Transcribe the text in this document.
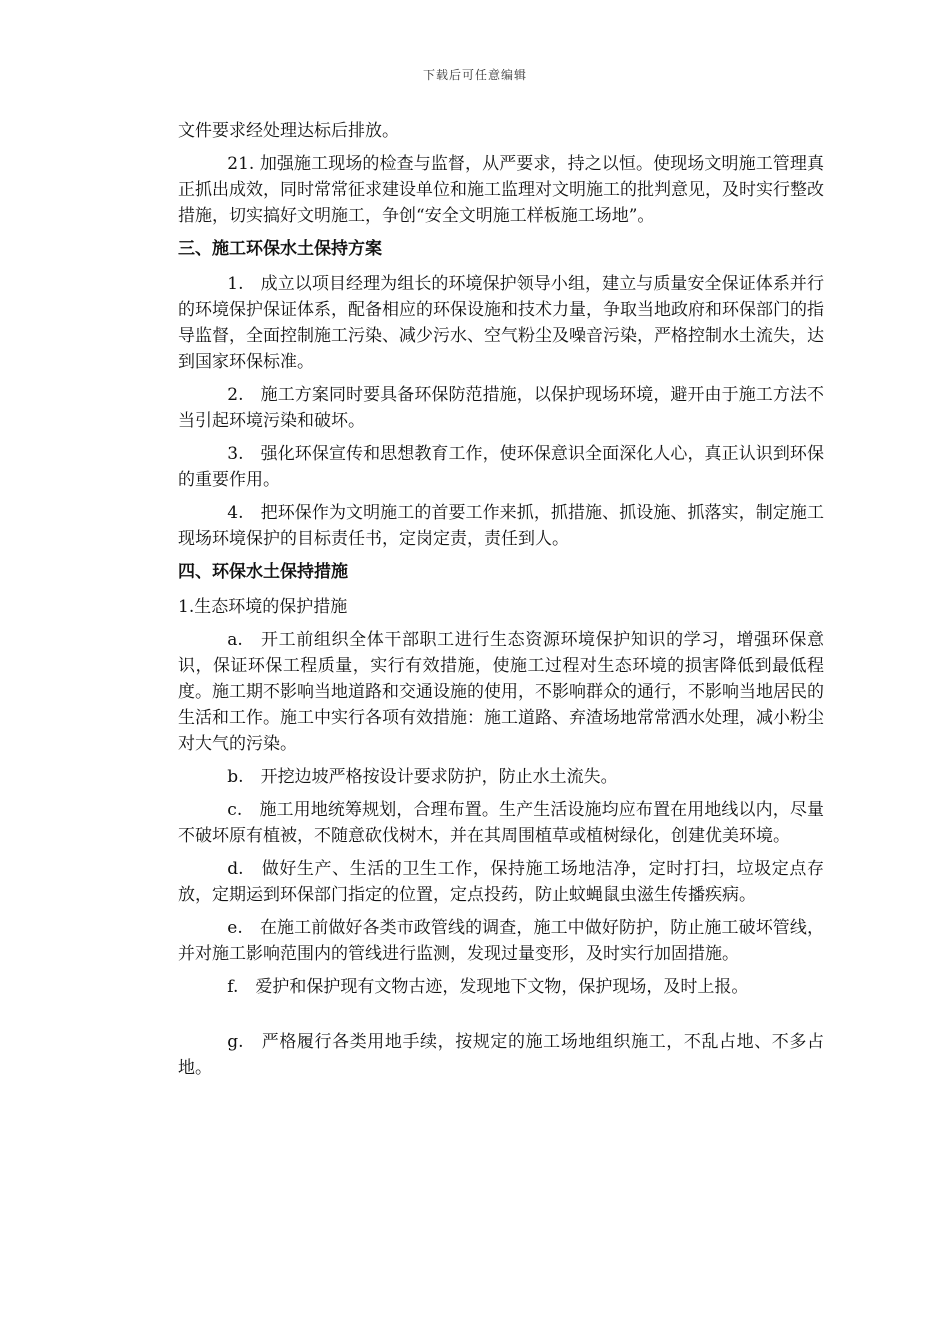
下载后可任意编辑

文件要求经处理达标后排放。

21. 加强施工现场的检查与监督，从严要求，持之以恒。使现场文明施工管理真正抓出成效，同时常常征求建设单位和施工监理对文明施工的批判意见，及时实行整改措施，切实搞好文明施工，争创“安全文明施工样板施工场地”。

三、施工环保水土保持方案

1.　成立以项目经理为组长的环境保护领导小组，建立与质量安全保证体系并行的环境保护保证体系，配备相应的环保设施和技术力量，争取当地政府和环保部门的指导监督，全面控制施工污染、减少污水、空气粉尘及噪音污染，严格控制水土流失，达到国家环保标准。

2.　施工方案同时要具备环保防范措施，以保护现场环境，避开由于施工方法不当引起环境污染和破坏。

3.　强化环保宣传和思想教育工作，使环保意识全面深化人心，真正认识到环保的重要作用。

4.　把环保作为文明施工的首要工作来抓，抓措施、抓设施、抓落实，制定施工现场环境保护的目标责任书，定岗定责，责任到人。

四、环保水土保持措施

1.生态环境的保护措施

a.　开工前组织全体干部职工进行生态资源环境保护知识的学习，增强环保意识，保证环保工程质量，实行有效措施，使施工过程对生态环境的损害降低到最低程度。施工期不影响当地道路和交通设施的使用，不影响群众的通行，不影响当地居民的生活和工作。施工中实行各项有效措施：施工道路、弃渣场地常常洒水处理，减小粉尘对大气的污染。

b.　开挖边坡严格按设计要求防护，防止水土流失。

c.　施工用地统筹规划，合理布置。生产生活设施均应布置在用地线以内，尽量不破坏原有植被，不随意砍伐树木，并在其周围植草或植树绿化，创建优美环境。

d.　做好生产、生活的卫生工作，保持施工场地洁净，定时打扫，垃圾定点存放，定期运到环保部门指定的位置，定点投药，防止蚊蝇鼠虫滋生传播疾病。

e.　在施工前做好各类市政管线的调查，施工中做好防护，防止施工破坏管线，并对施工影响范围内的管线进行监测，发现过量变形，及时实行加固措施。

f.　爱护和保护现有文物古迹，发现地下文物，保护现场，及时上报。

g.　严格履行各类用地手续，按规定的施工场地组织施工，不乱占地、不多占地。
